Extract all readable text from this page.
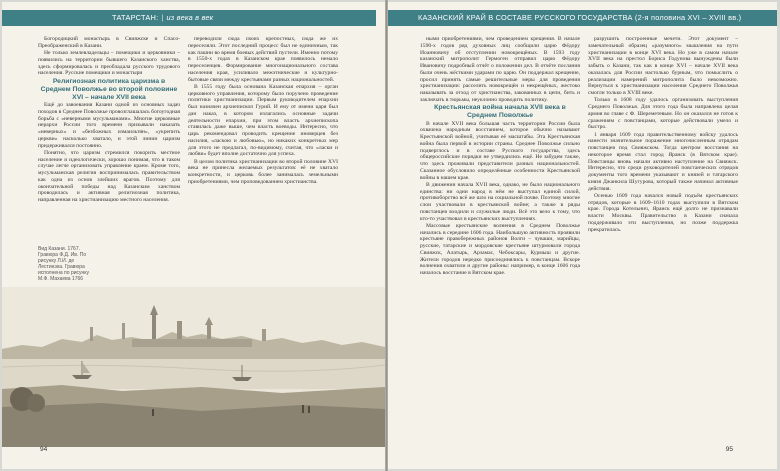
ТАТАРСТАН: | из века в век

Богородицкий монастырь в Свияжске и Спасо-Преображенский в Казани.

Не только землевладельцы – помещики и церковники – появились на территории бывшего Казанского ханства, здесь сформировалась и преобладала русского трудового населения. Русские помещики и монастыри

Религиозная политика царизма в Среднем Поволжье во второй половине XVI – начале XVII века

Ещё до завоевания Казани одной из основных задач походов в Среднее Поволжье провозглашалась богоугодная борьба с «неверными мусульманами». Многие церковные иерархи России того времени призывали наказать «неверных» и «безбожных измаильтян», «укрепить церкви» насколько хватало, и этой линии царизм придерживался постоянно.

Понятно, что царизм стремился покорить местное население и идеологически, хорошо понимая, что в таком случае легче организовать управление краем. Кроме того, мусульманская религия воспринималась правительством как одна из основ злейших врагов. Поэтому для окончательной победы над Казанским ханством проводилась и активная религиозная политика, направленная на христианизацию местного населения.

переводили сюда своих крепостных, сюда же их переселяли. Этот последний процесс был не единичным, так как пашни во время боевых действий пустели. Именно потому в 1550-х годах в Казанском крае появилось немало переселенцев. Формирование многонационального состава населения края, усиливало межэтнические и культурно-бытовые связи между крестьянами разных национальностей.

В 1555 году была основана Казанская епархия – орган церковного управления, которому было поручено проведение политики христианизации. Первым руководителем епархии был назначен архиепископ Гурий. И ему от имени царя был дан наказ, в котором излагались основные задачи деятельности епархии, при этом власть архиепископа ставилась даже выше, чем власть воеводы. Интересно, что царь рекомендовал проводить крещение иноверцев без насилия, «ласкою и любовью», но никаких конкретных мер для этого не предлагал, по-видимому, считая, что «ласки и любви» будет вполне достаточно для успеха.

В целом политика христианизации во второй половине XVI века не принесла желаемых результатов: её не хватало конкретности, и церковь более занималась земельными приобретениями, чем проповедованием христианства.

Вид Казани. 1767. Гравюра Ф.Д. Ив. По рисунку Л.И. де Лестинэка. Гравюра исполнена по рисунку М.Ф. Махаева 1766
94
КАЗАНСКИЙ КРАЙ В СОСТАВЕ РУССКОГО ГОСУДАРСТВА (2-я половина XVI – XVIII вв.)

ными приобретениями, чем проведением крещения. В начале 1590-х годов ряд духовных лиц сообщили царю Фёдору Иоанновичу об отступлении новокрещёных. В 1593 году казанский митрополит Гермоген отправил царю Фёдору Ивановичу подробный отчёт о положении дел. В отчёте послания были очень жёсткими ударами по царю. Он поддержал крещение, просил принять самые решительные меры для проведения христианизации: расселить новокрещён и некрещёных, жестоко наказывать за отход от христианства, закованных в цепи, бить и заключать в тюрьмы, неуклонно проводить политику.

Крестьянская война начала XVII века в Среднем Поволжье

В начале XVII века большая часть территории России была охвачена народным восстанием, которое обычно называют Крестьянской войной, учитывая её масштабы. Эта Крестьянская война была первой в истории страны. Среднее Поволжье сильно подверглось и в составе Русского государства, здесь общероссийские порядки не утвердились ещё. Не забудем также, что здесь проживали представители разных национальностей. Сказанное обусловило определённые особенности Крестьянской войны в нашем крае.

В движении начала XVII века, однако, не было национального единства: ни одни народ в нём не выступал единой силой, противоборство всё же шло на социальной почве. Поэтому многие слои участвовали в крестьянской войне; а также в ряды повстанцев входили и служилые люди. Всё это вело к тому, что кто-то участвовал в крестьянских выступлениях.

Массовые крестьянские волнения в Среднем Поволжье начались в середине 1606 года. Наибольшую активность проявили крестьяне правобережных районов Волги – чуваши, марийцы, русские, татарские и мордовские крестьяне штурмовали города Свияжск, Алатырь, Арзамас, Чебоксары, Курмыш и другие. Жители городов нередко присоединялись к повстанцам. Вскоре волнения охватили и другие районы: например, в конце 1606 года началось восстание в Вятском крае.

разрушить построенные мечети. Этот документ – замечательный образец «разумного» мышления на пути христианизации в конце XVI века. Но уже в самом начале XVII века на престол Бориса Годунова вынуждены были забыть о Казани, так как в конце XVI – начале XVII века оказалась для России настолько бурным, что помыслить о реализации намерений митрополита было невозможно. Вернуться к христианизации населения Среднего Поволжья смогли только в XVIII веке.

Только в 1608 году удалось организовать выступления Среднего Поволжья. Для этого года была направлена целая армия во главе с Ф. Шереметевым. Но он оказался не готов к сражениям с повстанцами, которые действовали умело и быстро.

1 января 1609 года правительственному войску удалось нанести значительное поражение многочисленным отрядам повстанцев под Свияжском. Тогда центром восстания на некоторое время стал город Яранск (в Вятском крае). Повстанцы вновь начали активно наступление на Свияжск. Интересно, что среди руководителей повстанческих отрядов документы того времени указывают и князей и татарского князя Джанкила Шугурова, который также начинал активные действия.

Осенью 1609 года начался новый подъём крестьянских отрядов, которые в 1609–1610 годах выступили в Вятском крае. Города Котельнич, Яранск ещё долго не признавали власти Москвы. Правительство в Казани сначала поддерживало эти выступления, но позже поддержка прекратилась.

95
